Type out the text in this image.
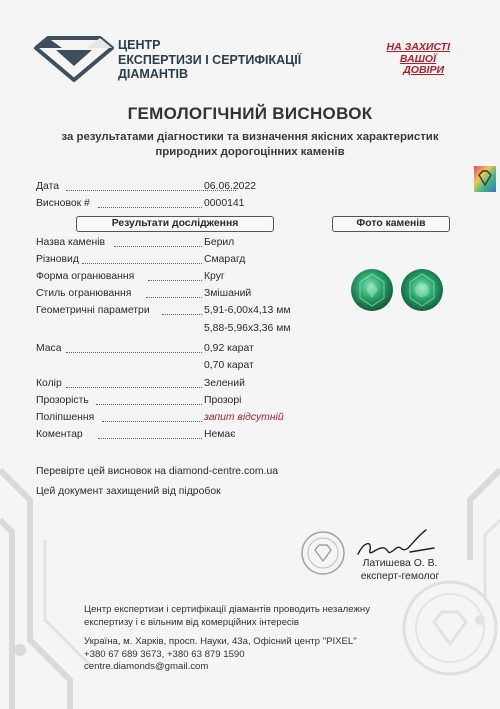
ЦЕНТР
ЕКСПЕРТИЗИ І СЕРТИФІКАЦІЇ
ДІАМАНТІВ
НА ЗАХИСТІ
ВАШОЇ
ДОВІРИ
ГЕМОЛОГІЧНИЙ ВИСНОВОК
за результатами діагностики та визначення якісних характеристик
природних дорогоцінних каменів
Дата	06.06.2022
Висновок #	0000141
Результати дослідження	Фото каменів
Назва каменів	Берил
Різновид	Смарагд
Форма огранювання	Круг
Стиль огранювання	Змішаний
Геометричні параметри	5,91-6,00x4,13 мм
5,88-5,96x3,36 мм
Маса	0,92 карат
0,70 карат
Колір	Зелений
Прозорість	Прозорі
Поліпшення	запит відсутній
Коментар	Немає
Перевірте цей висновок на diamond-centre.com.ua
Цей документ захищений від підробок
Латишева О. В.
експерт-гемолог
Центр експертизи і сертифікації діамантів проводить незалежну
експертизу і є вільним від комерційних інтересів
Україна, м. Харків, просп. Науки, 43а, Офісний центр "PIXEL"
+380 67 689 3673, +380 63 879 1590
centre.diamonds@gmail.com
